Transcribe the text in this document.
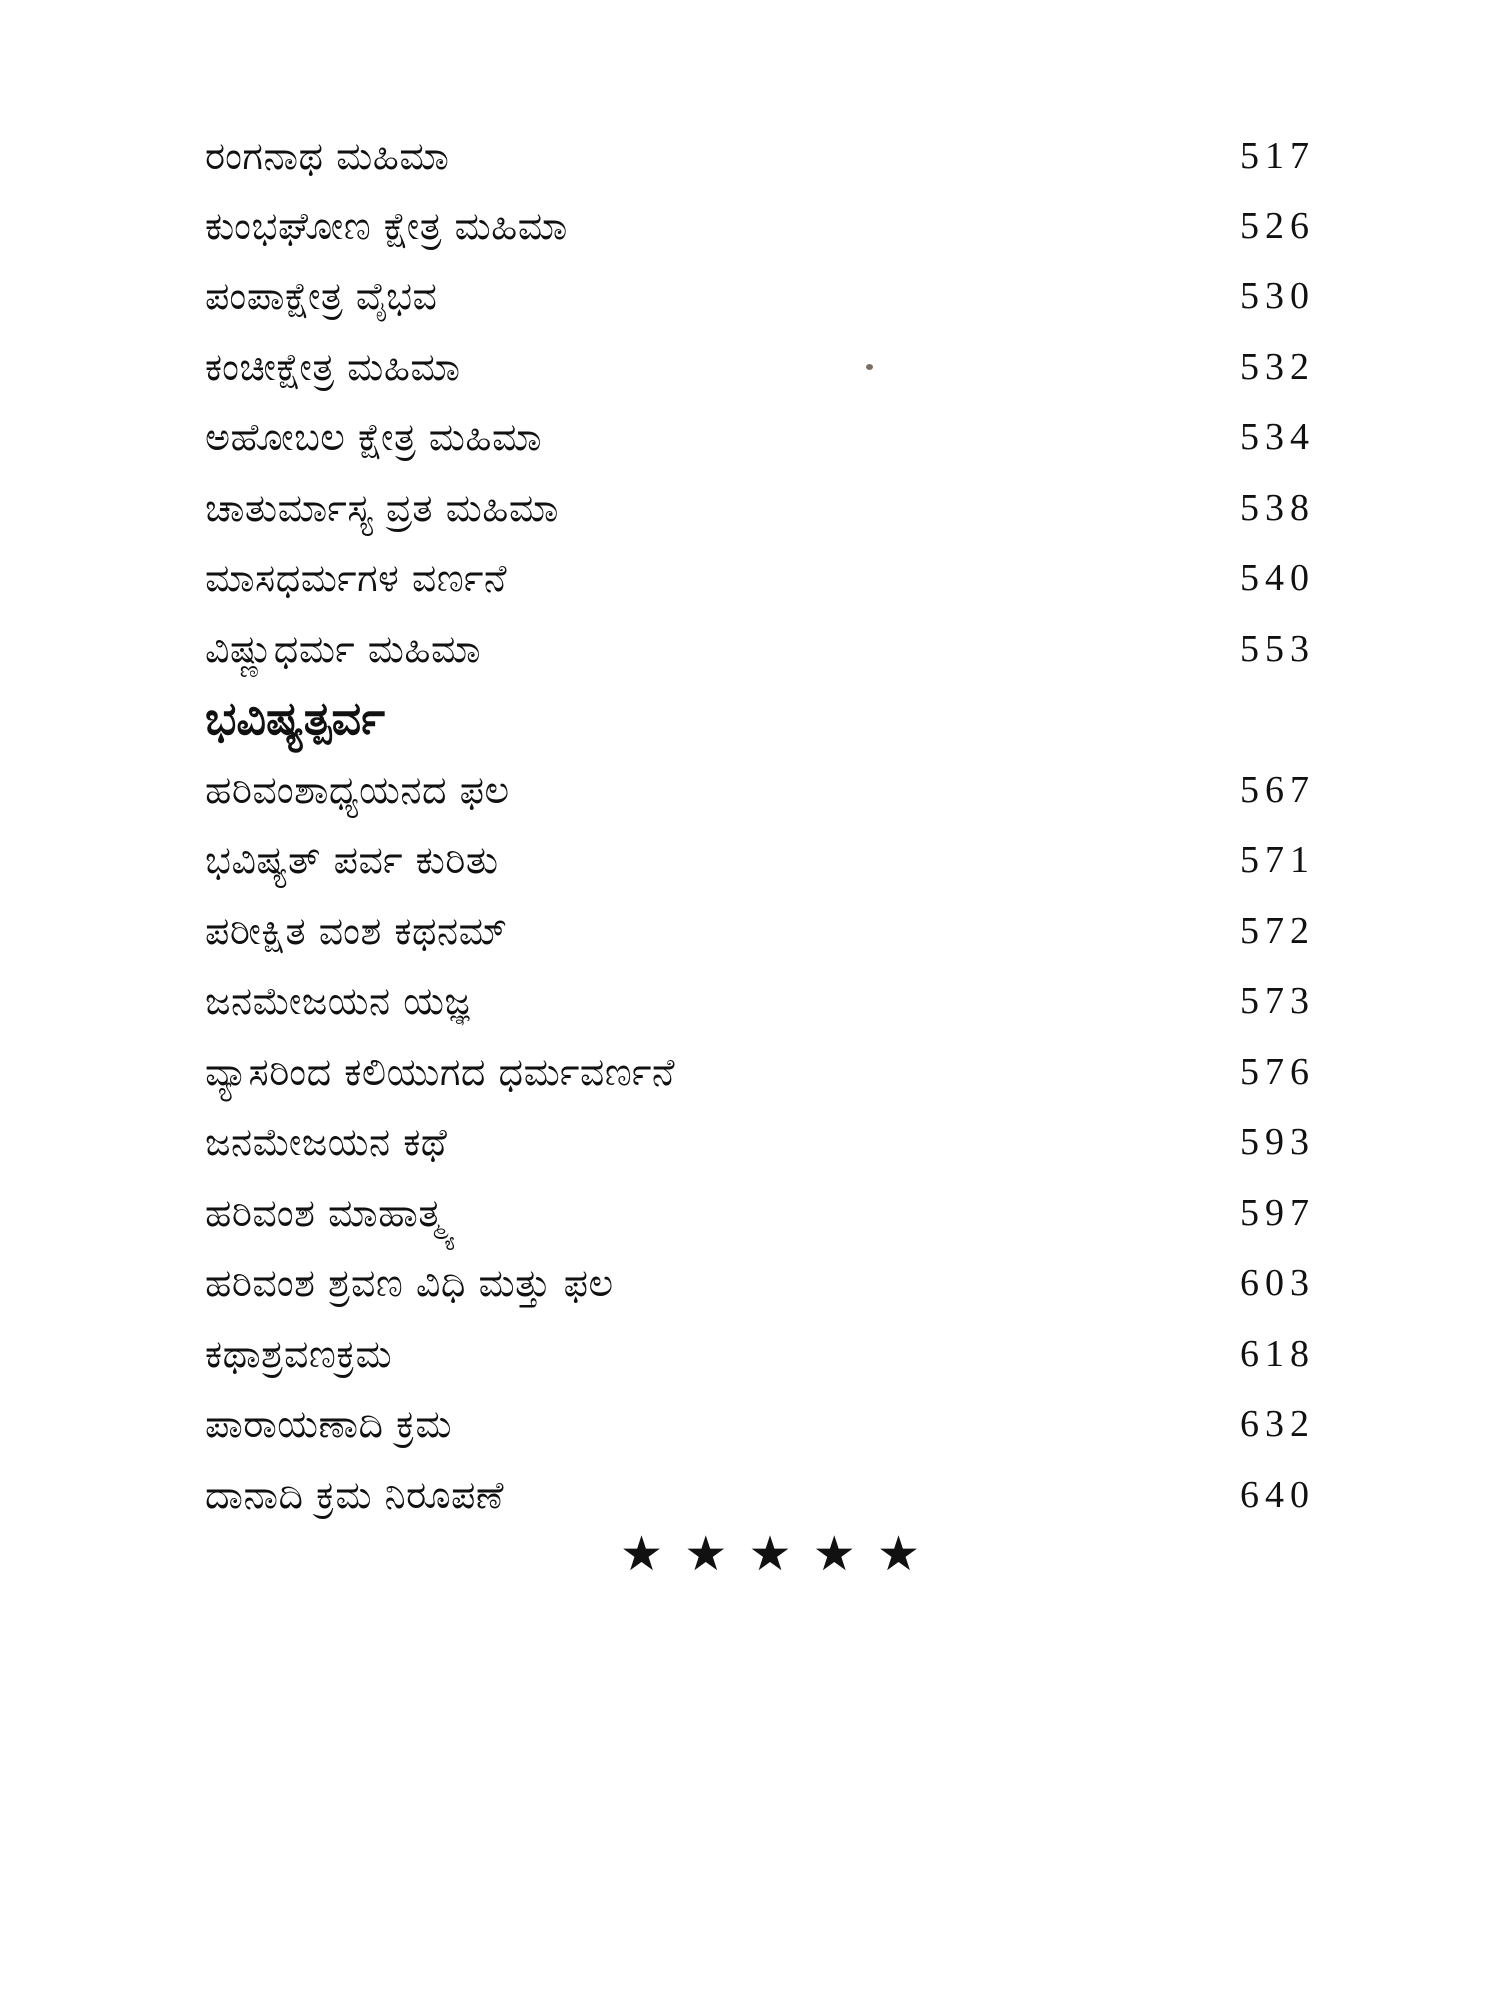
ರಂಗನಾಥ ಮಹಿಮಾ	517
ಕುಂಭಘೋಣ ಕ್ಷೇತ್ರ ಮಹಿಮಾ	526
ಪಂಪಾಕ್ಷೇತ್ರ ವೈಭವ	530
ಕಂಚೀಕ್ಷೇತ್ರ ಮಹಿಮಾ	532
ಅಹೋಬಲ ಕ್ಷೇತ್ರ ಮಹಿಮಾ	534
ಚಾತುರ್ಮಾಸ್ಯ ವ್ರತ ಮಹಿಮಾ	538
ಮಾಸಧರ್ಮಗಳ ವರ್ಣನೆ	540
ವಿಷ್ಣುಧರ್ಮ ಮಹಿಮಾ	553
ಭವಿಷ್ಯತ್ಪರ್ವ
ಹರಿವಂಶಾಧ್ಯಯನದ ಫಲ	567
ಭವಿಷ್ಯತ್ ಪರ್ವ ಕುರಿತು	571
ಪರೀಕ್ಷಿತ ವಂಶ ಕಥನಮ್	572
ಜನಮೇಜಯನ ಯಜ್ಞ	573
ವ್ಯಾಸರಿಂದ ಕಲಿಯುಗದ ಧರ್ಮವರ್ಣನೆ	576
ಜನಮೇಜಯನ ಕಥೆ	593
ಹರಿವಂಶ ಮಾಹಾತ್ಮ್ಯ	597
ಹರಿವಂಶ ಶ್ರವಣ ವಿಧಿ ಮತ್ತು ಫಲ	603
ಕಥಾಶ್ರವಣಕ್ರಮ	618
ಪಾರಾಯಣಾದಿ ಕ್ರಮ	632
ದಾನಾದಿ ಕ್ರಮ ನಿರೂಪಣೆ	640
★ ★ ★ ★ ★
